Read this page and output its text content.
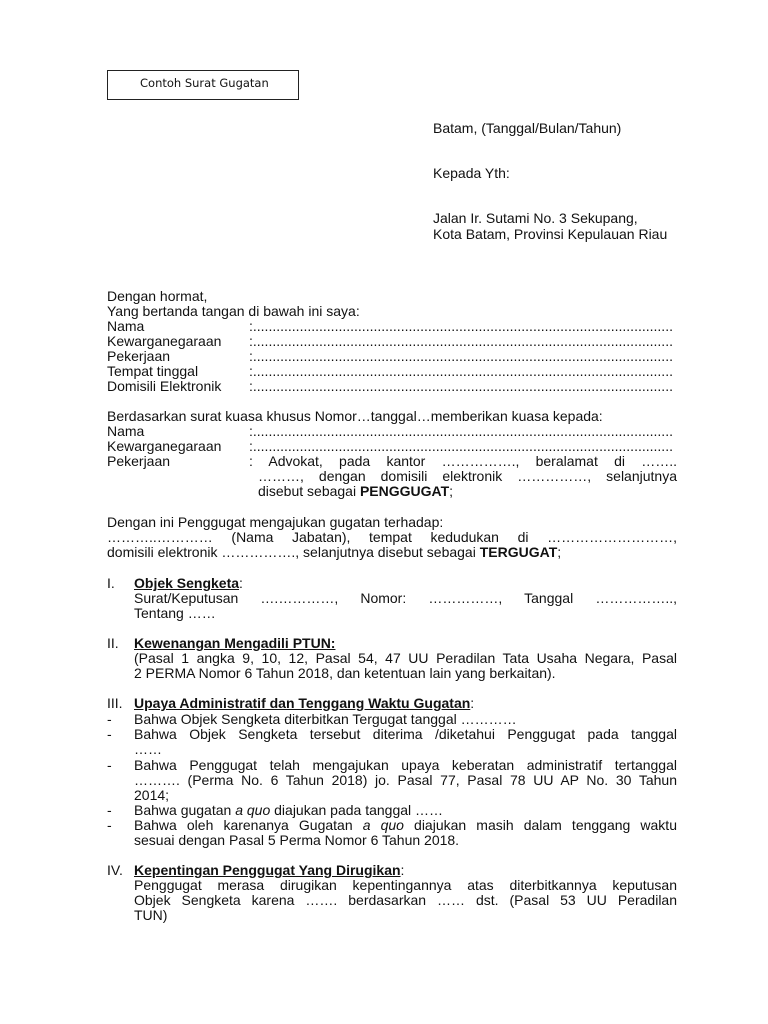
Contoh Surat Gugatan
Batam, (Tanggal/Bulan/Tahun)
Kepada Yth:
Jalan Ir. Sutami No. 3 Sekupang,
Kota Batam, Provinsi Kepulauan Riau
Dengan hormat,
Yang bertanda tangan di bawah ini saya:
Nama	:............................................................................................................
Kewarganegaraan :............................................................................................................
Pekerjaan	:............................................................................................................
Tempat tinggal	:............................................................................................................
Domisili Elektronik :............................................................................................................
Berdasarkan surat kuasa khusus Nomor…tanggal…memberikan kuasa kepada:
Nama	:............................................................................................................
Kewarganegaraan :............................................................................................................
Pekerjaan	: Advokat, pada kantor ……………., beralamat di ……..
………, dengan domisili elektronik ……………, selanjutnya
disebut sebagai PENGGUGAT;
Dengan ini Penggugat mengajukan gugatan terhadap:
………..………… (Nama Jabatan), tempat kedudukan di ………………………,
domisili elektronik ……………., selanjutnya disebut sebagai TERGUGAT;
I. Objek Sengketa:
Surat/Keputusan ….…………, Nomor: ……………, Tanggal ……………..,
Tentang ……
II. Kewenangan Mengadili PTUN:
(Pasal 1 angka 9, 10, 12, Pasal 54, 47 UU Peradilan Tata Usaha Negara, Pasal
2 PERMA Nomor 6 Tahun 2018, dan ketentuan lain yang berkaitan).
III. Upaya Administratif dan Tenggang Waktu Gugatan:
- Bahwa Objek Sengketa diterbitkan Tergugat tanggal …………
- Bahwa Objek Sengketa tersebut diterima /diketahui Penggugat pada tanggal
……
- Bahwa Penggugat telah mengajukan upaya keberatan administratif tertanggal
………. (Perma No. 6 Tahun 2018) jo. Pasal 77, Pasal 78 UU AP No. 30 Tahun
2014;
- Bahwa gugatan a quo diajukan pada tanggal ……
- Bahwa oleh karenanya Gugatan a quo diajukan masih dalam tenggang waktu
sesuai dengan Pasal 5 Perma Nomor 6 Tahun 2018.
IV. Kepentingan Penggugat Yang Dirugikan:
Penggugat merasa dirugikan kepentingannya atas diterbitkannya keputusan
Objek Sengketa karena ……. berdasarkan …… dst. (Pasal 53 UU Peradilan
TUN)
